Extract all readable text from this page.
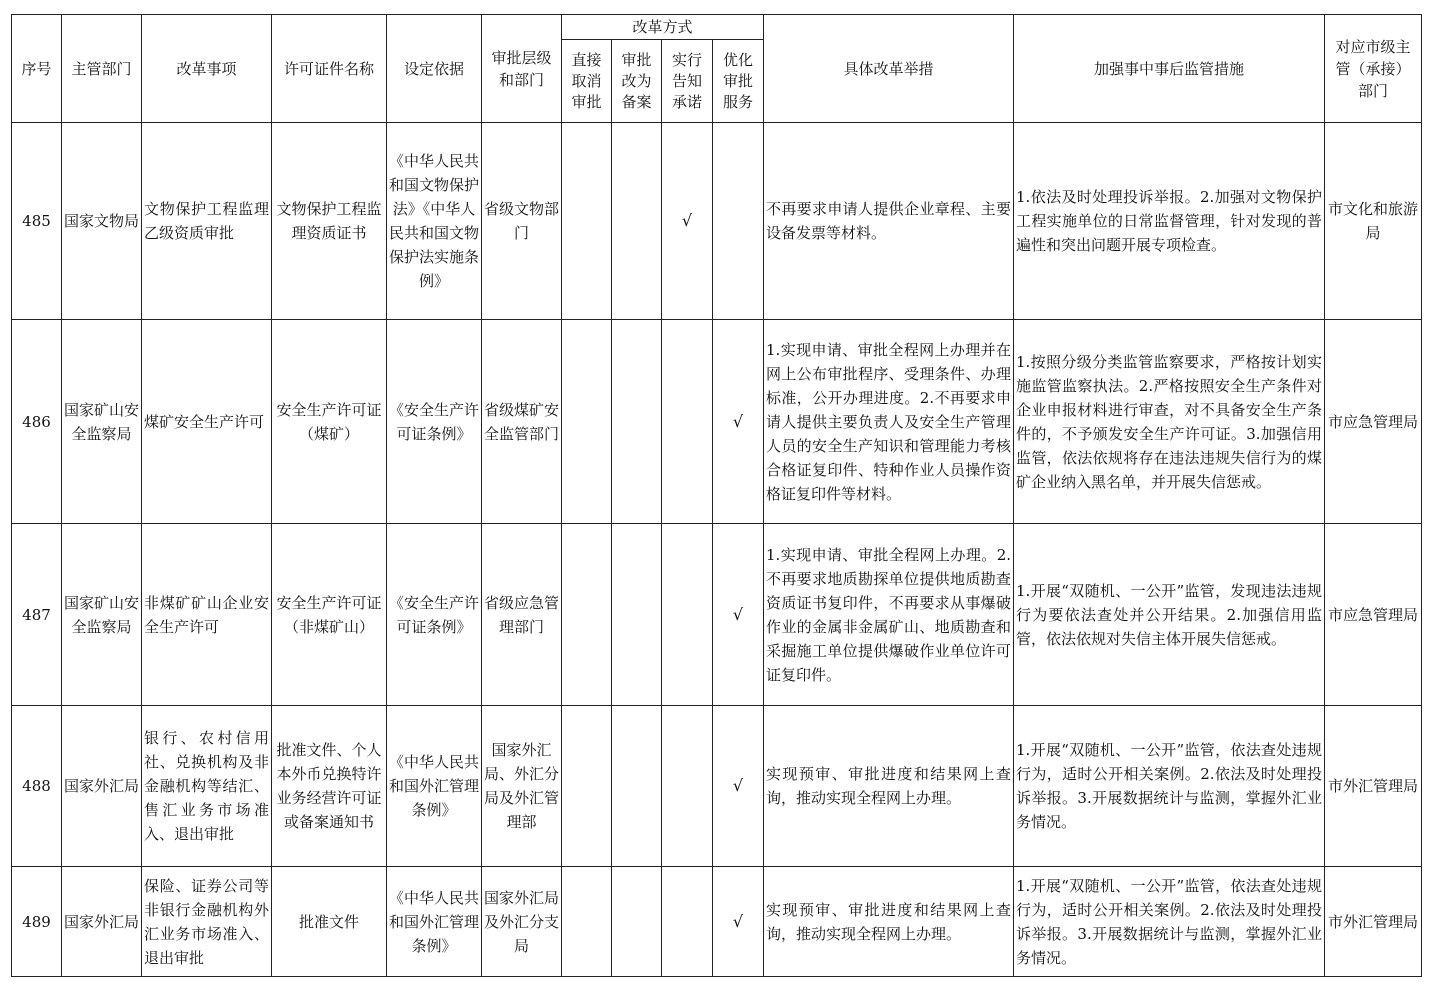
序号	主管部门	改革事项	许可证件名称	设定依据	审批层级和部门	改革方式				具体改革举措	加强事中事后监管措施	对应市级主管（承接）部门
						直接取消审批	审批改为备案	实行告知承诺	优化审批服务			
485	国家文物局	文物保护工程监理乙级资质审批	文物保护工程监理资质证书	《中华人民共和国文物保护法》《中华人民共和国文物保护法实施条例》	省级文物部门			√		不再要求申请人提供企业章程、主要设备发票等材料。	1.依法及时处理投诉举报。2.加强对文物保护工程实施单位的日常监督管理，针对发现的普遍性和突出问题开展专项检查。	市文化和旅游局
486	国家矿山安全监察局	煤矿安全生产许可	安全生产许可证（煤矿）	《安全生产许可证条例》	省级煤矿安全监管部门				√	1.实现申请、审批全程网上办理并在网上公布审批程序、受理条件、办理标准，公开办理进度。2.不再要求申请人提供主要负责人及安全生产管理人员的安全生产知识和管理能力考核合格证复印件、特种作业人员操作资格证复印件等材料。	1.按照分级分类监管监察要求，严格按计划实施监管监察执法。2.严格按照安全生产条件对企业申报材料进行审查，对不具备安全生产条件的，不予颁发安全生产许可证。3.加强信用监管，依法依规将存在违法违规失信行为的煤矿企业纳入黑名单，并开展失信惩戒。	市应急管理局
487	国家矿山安全监察局	非煤矿矿山企业安全生产许可	安全生产许可证（非煤矿山）	《安全生产许可证条例》	省级应急管理部门				√	1.实现申请、审批全程网上办理。2.不再要求地质勘探单位提供地质勘查资质证书复印件，不再要求从事爆破作业的金属非金属矿山、地质勘查和采掘施工单位提供爆破作业单位许可证复印件。	1.开展“双随机、一公开”监管，发现违法违规行为要依法查处并公开结果。2.加强信用监管，依法依规对失信主体开展失信惩戒。	市应急管理局
488	国家外汇局	银行、农村信用社、兑换机构及非金融机构等结汇、售汇业务市场准入、退出审批	批准文件、个人本外币兑换特许业务经营许可证或备案通知书	《中华人民共和国外汇管理条例》	国家外汇局、外汇分局及外汇管理部				√	实现预审、审批进度和结果网上查询，推动实现全程网上办理。	1.开展“双随机、一公开”监管，依法查处违规行为，适时公开相关案例。2.依法及时处理投诉举报。3.开展数据统计与监测，掌握外汇业务情况。	市外汇管理局
489	国家外汇局	保险、证券公司等非银行金融机构外汇业务市场准入、退出审批	批准文件	《中华人民共和国外汇管理条例》	国家外汇局及外汇分支局				√	实现预审、审批进度和结果网上查询，推动实现全程网上办理。	1.开展“双随机、一公开”监管，依法查处违规行为，适时公开相关案例。2.依法及时处理投诉举报。3.开展数据统计与监测，掌握外汇业务情况。	市外汇管理局
